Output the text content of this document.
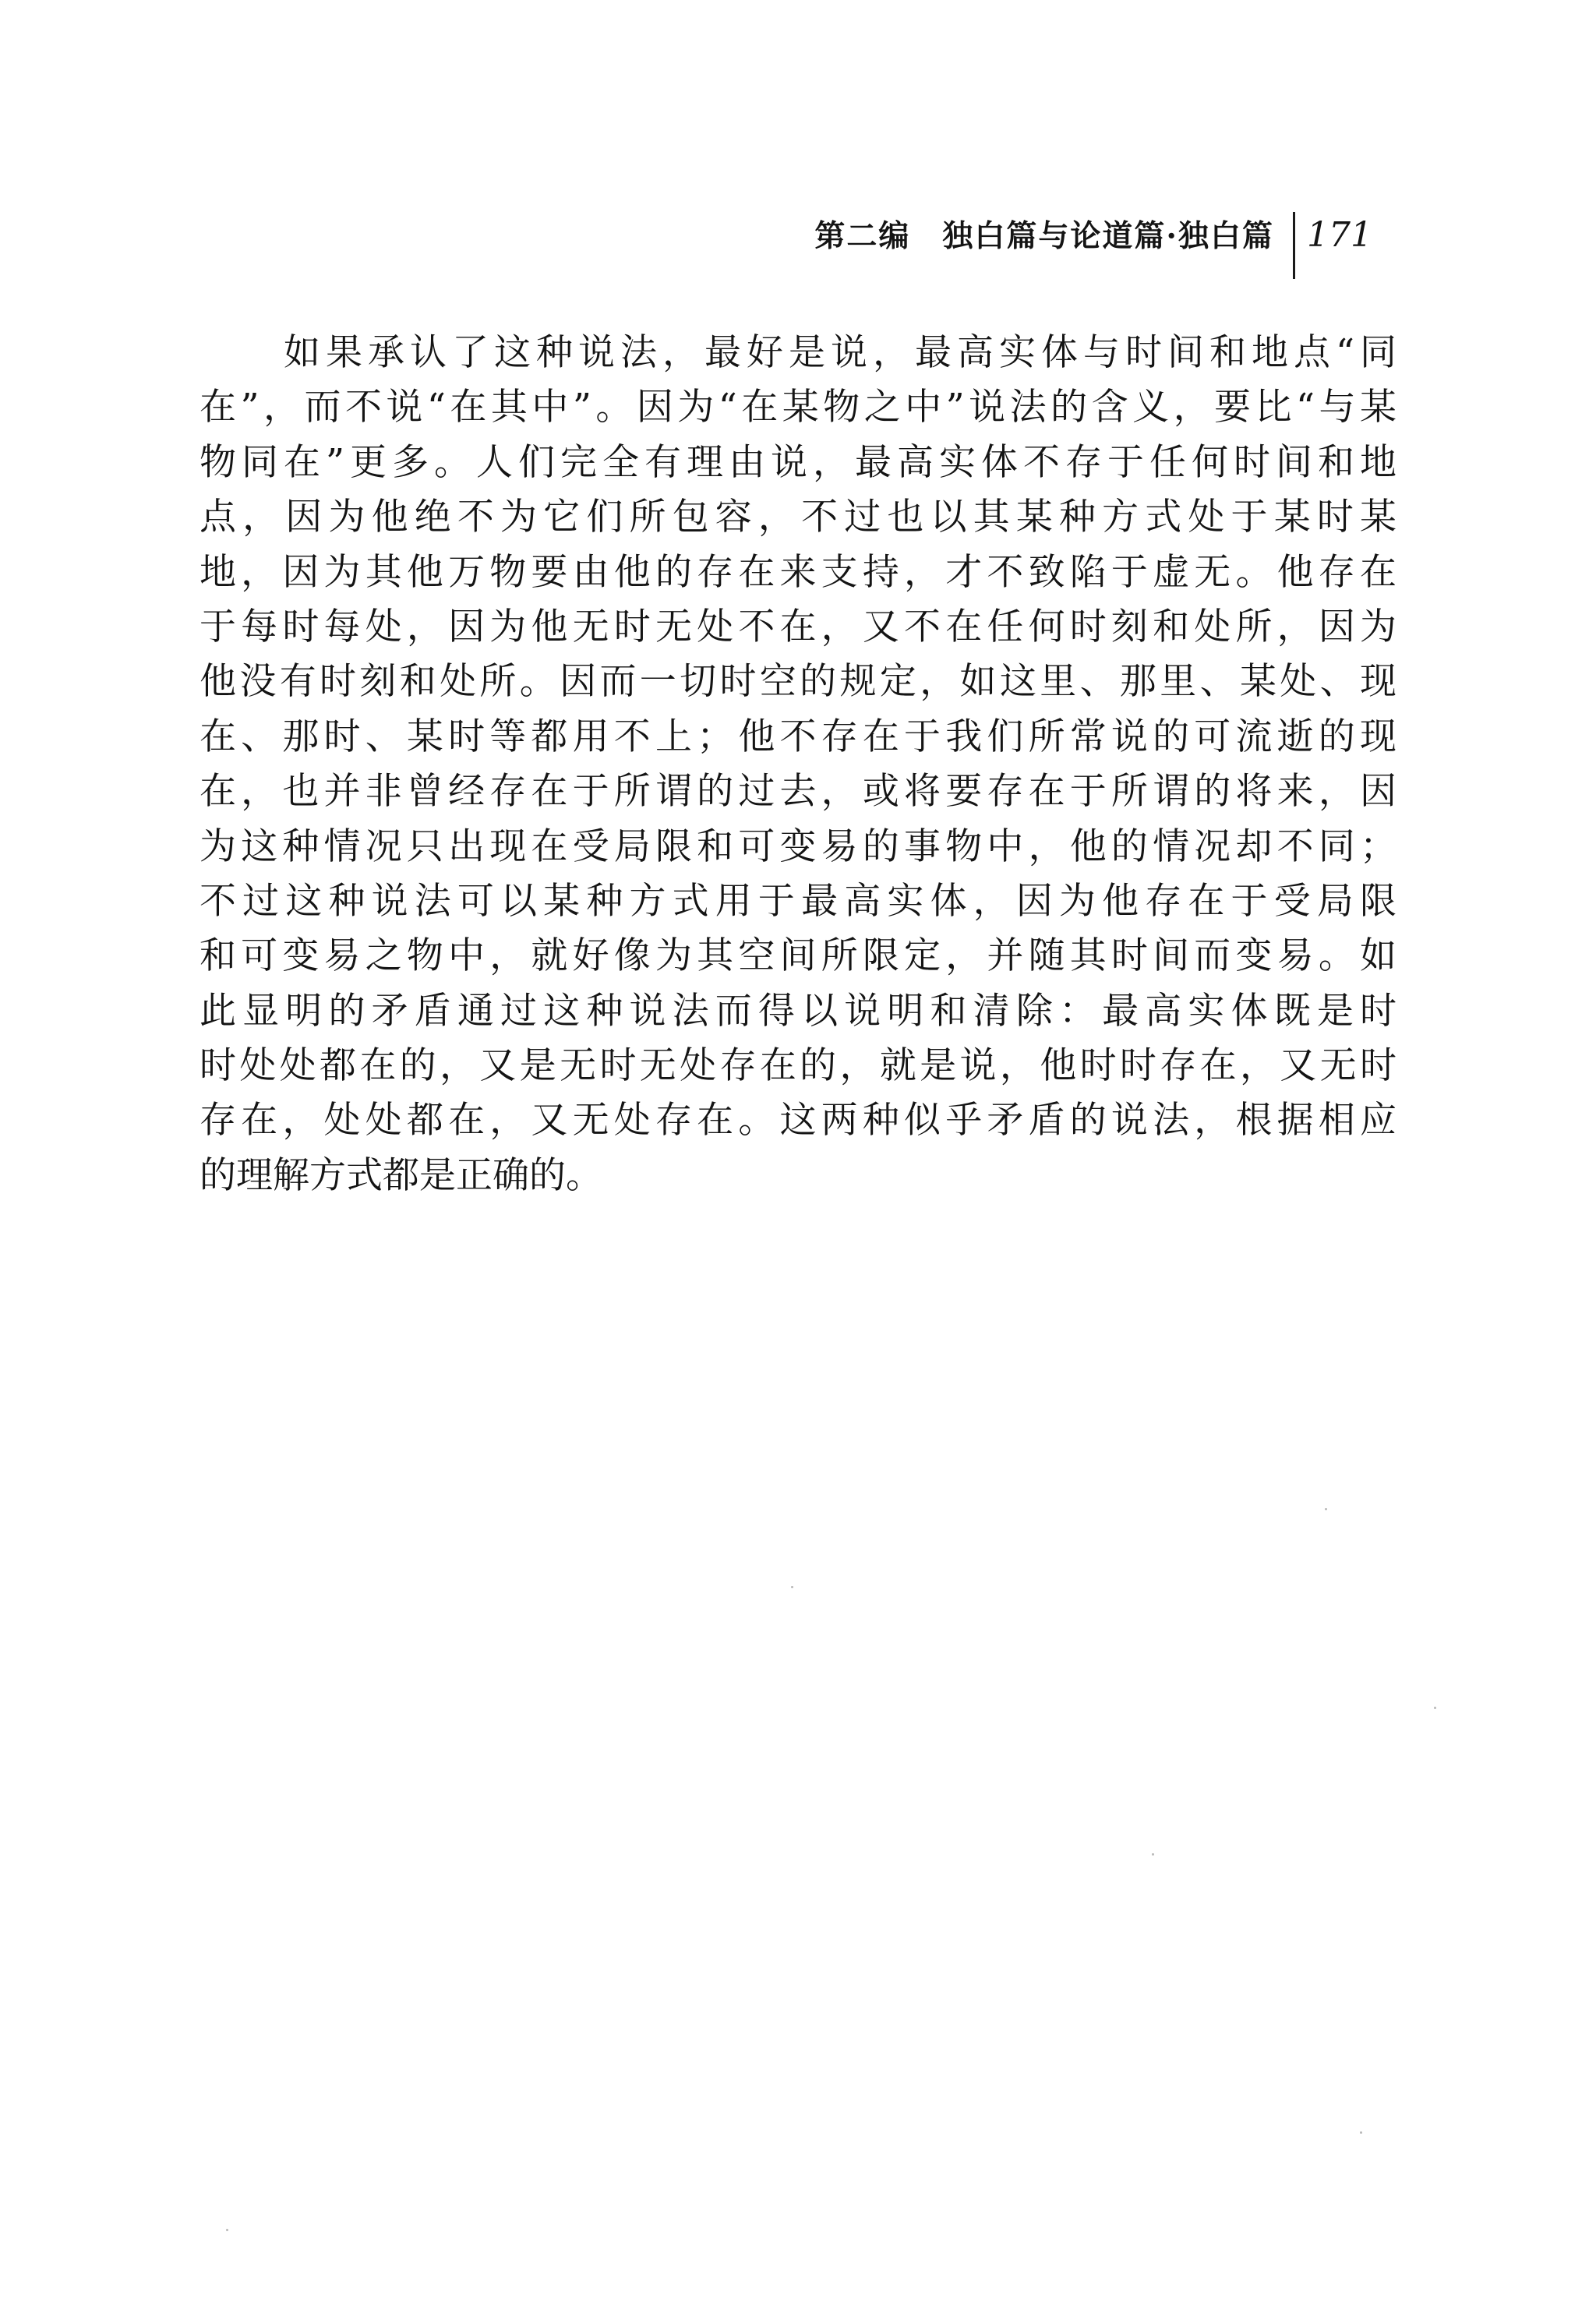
第二编　独白篇与论道篇·独白篇 171
如果承认了这种说法，最好是说，最高实体与时间和地点“同
在”，而不说“在其中”。因为“在某物之中”说法的含义，要比“与某
物同在”更多。人们完全有理由说，最高实体不存于任何时间和地
点，因为他绝不为它们所包容，不过也以其某种方式处于某时某
地，因为其他万物要由他的存在来支持，才不致陷于虚无。他存在
于每时每处，因为他无时无处不在，又不在任何时刻和处所，因为
他没有时刻和处所。因而一切时空的规定，如这里、那里、某处、现
在、那时、某时等都用不上；他不存在于我们所常说的可流逝的现
在，也并非曾经存在于所谓的过去，或将要存在于所谓的将来，因
为这种情况只出现在受局限和可变易的事物中，他的情况却不同；
不过这种说法可以某种方式用于最高实体，因为他存在于受局限
和可变易之物中，就好像为其空间所限定，并随其时间而变易。如
此显明的矛盾通过这种说法而得以说明和清除：最高实体既是时
时处处都在的，又是无时无处存在的，就是说，他时时存在，又无时
存在，处处都在，又无处存在。这两种似乎矛盾的说法，根据相应
的理解方式都是正确的。
